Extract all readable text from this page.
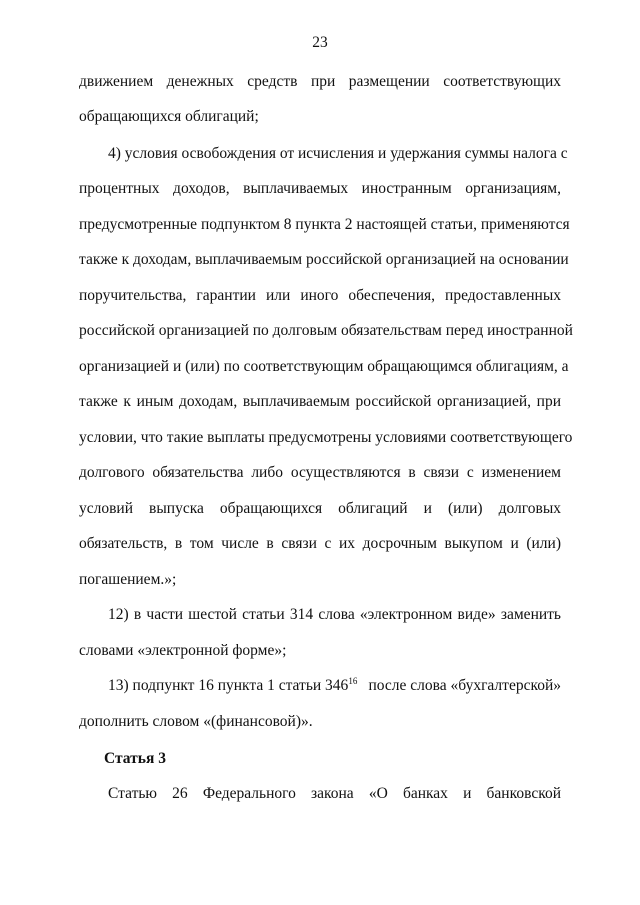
23
движением денежных средств при размещении соответствующих
обращающихся облигаций;
4) условия освобождения от исчисления и удержания суммы налога с
процентных доходов, выплачиваемых иностранным организациям,
предусмотренные подпунктом 8 пункта 2 настоящей статьи, применяются
также к доходам, выплачиваемым российской организацией на основании
поручительства, гарантии или иного обеспечения, предоставленных
российской организацией по долговым обязательствам перед иностранной
организацией и (или) по соответствующим обращающимся облигациям, а
также к иным доходам, выплачиваемым российской организацией, при
условии, что такие выплаты предусмотрены условиями соответствующего
долгового обязательства либо осуществляются в связи с изменением
условий выпуска обращающихся облигаций и (или) долговых
обязательств, в том числе в связи с их досрочным выкупом и (или)
погашением.»;
12) в части шестой статьи 314 слова «электронном виде» заменить
словами «электронной форме»;
13) подпункт 16 пункта 1 статьи $346^{16}$ после слова «бухгалтерской»
дополнить словом «(финансовой)».
Статья 3
Статью 26 Федерального закона «О банках и банковской
